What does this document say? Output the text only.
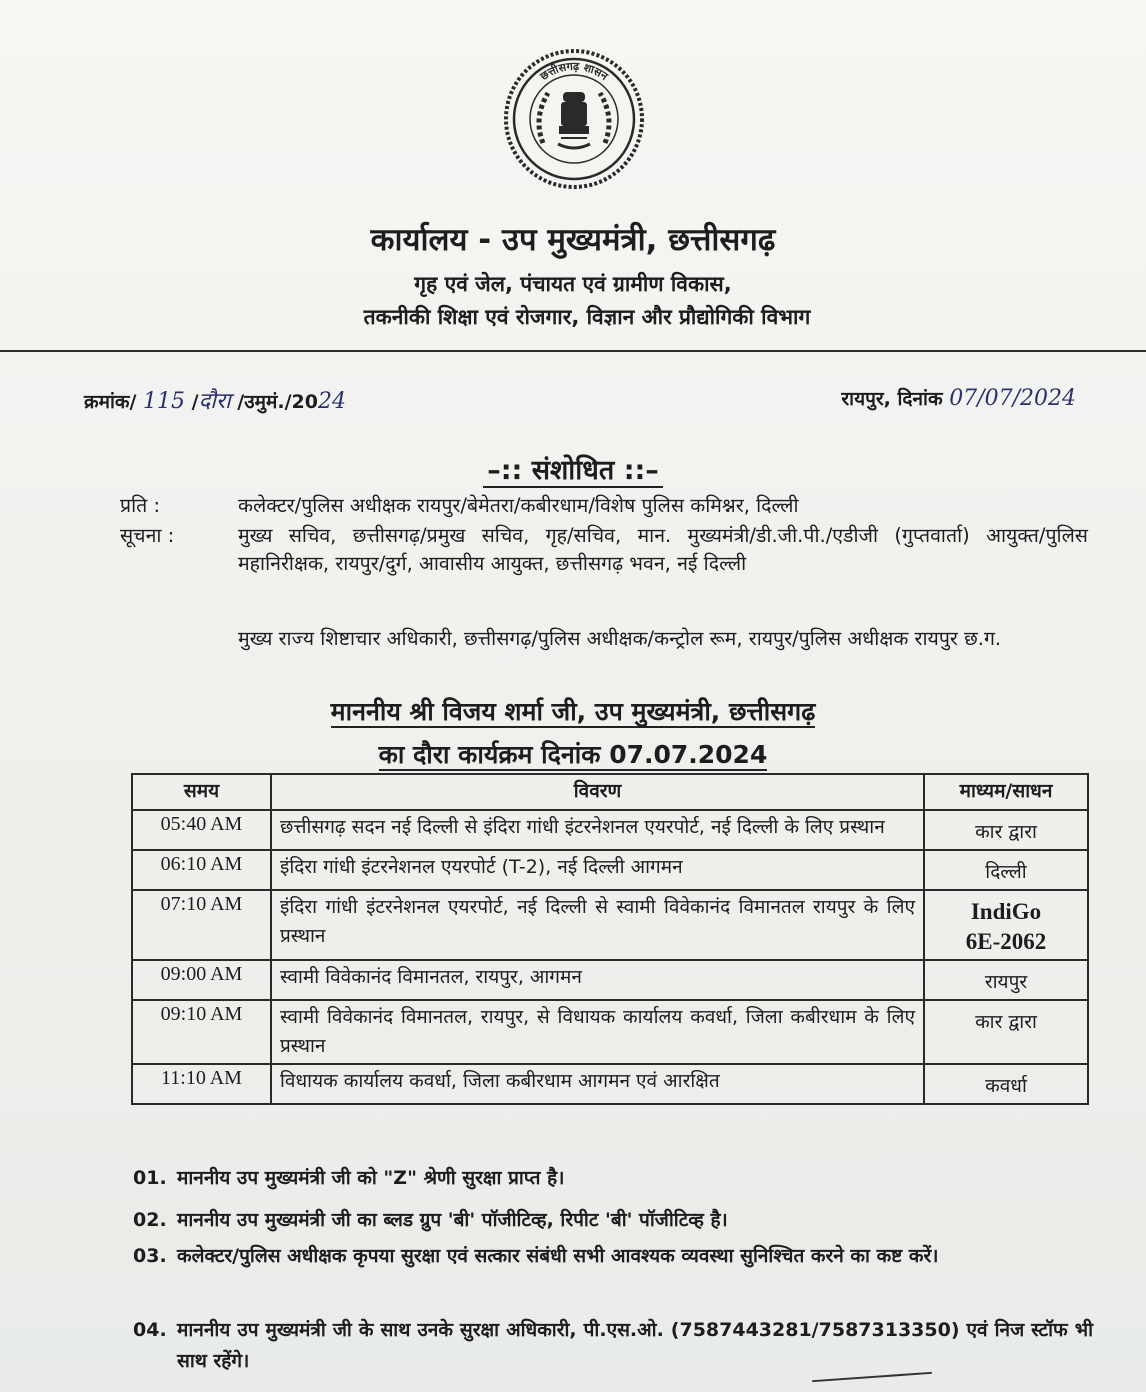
छत्तीसगढ़ शासन
कार्यालय - उप मुख्यमंत्री, छत्तीसगढ़
गृह एवं जेल, पंचायत एवं ग्रामीण विकास,
तकनीकी शिक्षा एवं रोजगार, विज्ञान और प्रौद्योगिकी विभाग
क्रमांक/ 115 /दौरा /उमुमं./2024	रायपुर, दिनांक 07/07/2024
–:: संशोधित ::–
प्रति :	कलेक्टर/पुलिस अधीक्षक रायपुर/बेमेतरा/कबीरधाम/विशेष पुलिस कमिश्नर, दिल्ली
सूचना :	मुख्य सचिव, छत्तीसगढ़/प्रमुख सचिव, गृह/सचिव, मान. मुख्यमंत्री/डी.जी.पी./एडीजी (गुप्तवार्ता) आयुक्त/पुलिस महानिरीक्षक, रायपुर/दुर्ग, आवासीय आयुक्त, छत्तीसगढ़ भवन, नई दिल्ली
मुख्य राज्य शिष्टाचार अधिकारी, छत्तीसगढ़/पुलिस अधीक्षक/कन्ट्रोल रूम, रायपुर/पुलिस अधीक्षक रायपुर छ.ग.
माननीय श्री विजय शर्मा जी, उप मुख्यमंत्री, छत्तीसगढ़
का दौरा कार्यक्रम दिनांक 07.07.2024
समय	विवरण	माध्यम/साधन
05:40 AM	छत्तीसगढ़ सदन नई दिल्ली से इंदिरा गांधी इंटरनेशनल एयरपोर्ट, नई दिल्ली के लिए प्रस्थान	कार द्वारा
06:10 AM	इंदिरा गांधी इंटरनेशनल एयरपोर्ट (T-2), नई दिल्ली आगमन	दिल्ली
07:10 AM	इंदिरा गांधी इंटरनेशनल एयरपोर्ट, नई दिल्ली से स्वामी विवेकानंद विमानतल रायपुर के लिए प्रस्थान	IndiGo
6E-2062

09:00 AM	स्वामी विवेकानंद विमानतल, रायपुर, आगमन	रायपुर
09:10 AM	स्वामी विवेकानंद विमानतल, रायपुर, से विधायक कार्यालय कवर्धा, जिला कबीरधाम के लिए प्रस्थान	कार द्वारा
11:10 AM	विधायक कार्यालय कवर्धा, जिला कबीरधाम आगमन एवं आरक्षित	कवर्धा
01. माननीय उप मुख्यमंत्री जी को "Z" श्रेणी सुरक्षा प्राप्त है।
02. माननीय उप मुख्यमंत्री जी का ब्लड ग्रुप 'बी' पॉजीटिव्ह, रिपीट 'बी' पॉजीटिव्ह है।
03. कलेक्टर/पुलिस अधीक्षक कृपया सुरक्षा एवं सत्कार संबंधी सभी आवश्यक व्यवस्था सुनिश्चित करने का कष्ट करें।
04. माननीय उप मुख्यमंत्री जी के साथ उनके सुरक्षा अधिकारी, पी.एस.ओ. (7587443281/7587313350) एवं निज स्टॉफ भी साथ रहेंगे।
